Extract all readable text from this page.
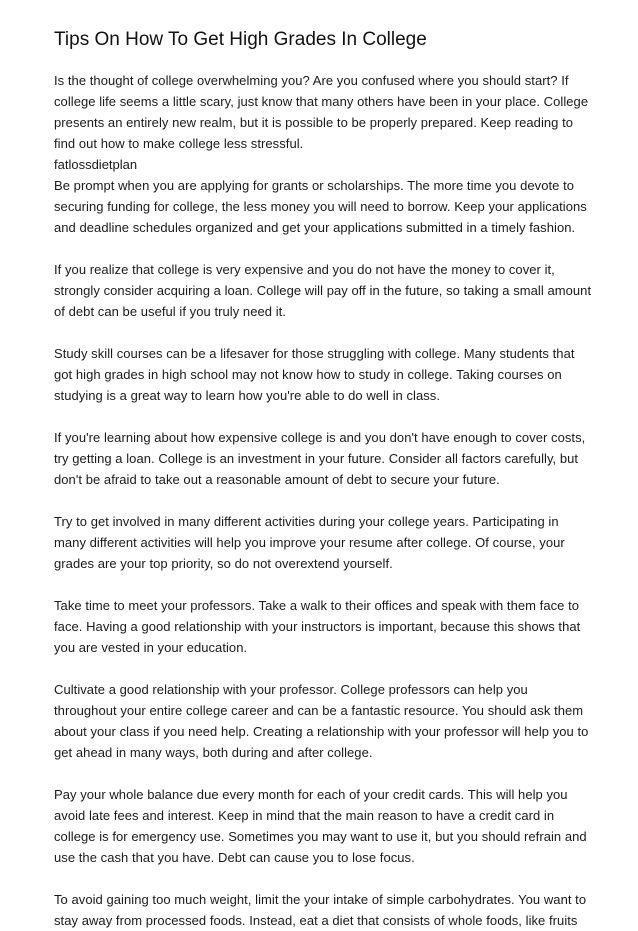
Tips On How To Get High Grades In College

Is the thought of college overwhelming you? Are you confused where you should start? If college life seems a little scary, just know that many others have been in your place. College presents an entirely new realm, but it is possible to be properly prepared. Keep reading to find out how to make college less stressful.

fatlossdietplan

Be prompt when you are applying for grants or scholarships. The more time you devote to securing funding for college, the less money you will need to borrow. Keep your applications and deadline schedules organized and get your applications submitted in a timely fashion.

If you realize that college is very expensive and you do not have the money to cover it, strongly consider acquiring a loan. College will pay off in the future, so taking a small amount of debt can be useful if you truly need it.

Study skill courses can be a lifesaver for those struggling with college. Many students that got high grades in high school may not know how to study in college. Taking courses on studying is a great way to learn how you're able to do well in class.

If you're learning about how expensive college is and you don't have enough to cover costs, try getting a loan. College is an investment in your future. Consider all factors carefully, but don't be afraid to take out a reasonable amount of debt to secure your future.

Try to get involved in many different activities during your college years. Participating in many different activities will help you improve your resume after college. Of course, your grades are your top priority, so do not overextend yourself.

Take time to meet your professors. Take a walk to their offices and speak with them face to face. Having a good relationship with your instructors is important, because this shows that you are vested in your education.

Cultivate a good relationship with your professor. College professors can help you throughout your entire college career and can be a fantastic resource. You should ask them about your class if you need help. Creating a relationship with your professor will help you to get ahead in many ways, both during and after college.

Pay your whole balance due every month for each of your credit cards. This will help you avoid late fees and interest. Keep in mind that the main reason to have a credit card in college is for emergency use. Sometimes you may want to use it, but you should refrain and use the cash that you have. Debt can cause you to lose focus.

To avoid gaining too much weight, limit the your intake of simple carbohydrates. You want to stay away from processed foods. Instead, eat a diet that consists of whole foods, like fruits
